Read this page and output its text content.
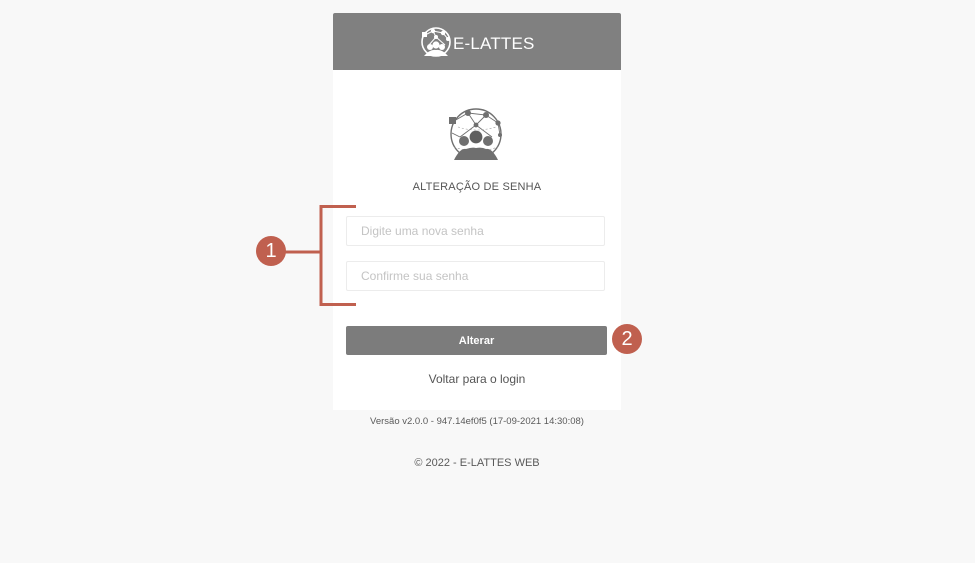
E-LATTES
ALTERAÇÃO DE SENHA
Alterar
Voltar para o login
Versão v2.0.0 - 947.14ef0f5 (17-09-2021 14:30:08)
© 2022 - E-LATTES WEB
1
2
